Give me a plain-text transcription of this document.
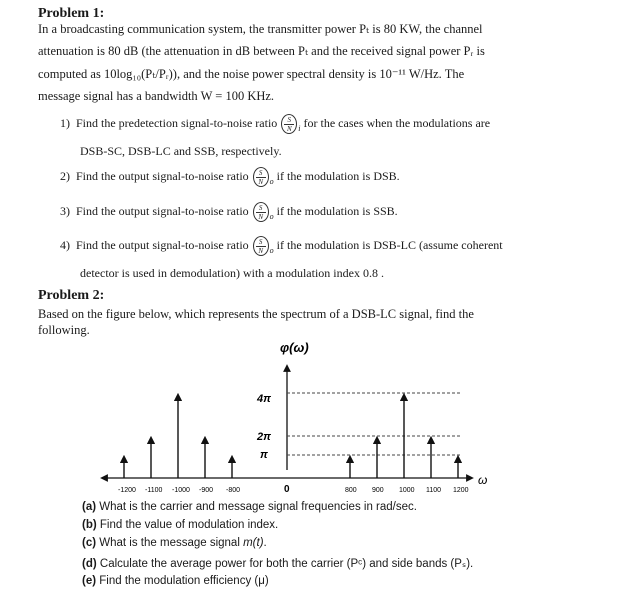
Problem 1:
In a broadcasting communication system, the transmitter power Pₜ is 80 KW, the channel
attenuation is 80 dB (the attenuation in dB between Pₜ and the received signal power Pᵣ is
computed as 10log₁₀(Pₜ/Pᵣ)), and the noise power spectral density is 10⁻¹¹ W/Hz. The
message signal has a bandwidth W = 100 KHz.
1) Find the predetection signal-to-noise ratio $\frac{S}{N}_i$ for the cases when the modulations are
DSB-SC, DSB-LC and SSB, respectively.
2) Find the output signal-to-noise ratio $\frac{S}{N}_o$ if the modulation is DSB.
3) Find the output signal-to-noise ratio $\frac{S}{N}_o$ if the modulation is SSB.
4) Find the output signal-to-noise ratio $\frac{S}{N}_o$ if the modulation is DSB-LC (assume coherent
detector is used in demodulation) with a modulation index 0.8 .
Problem 2:
Based on the figure below, which represents the spectrum of a DSB-LC signal, find the
following.
φ(ω)
ω
4π
2π
π
0
-1200 -1100 -1000 -900 -800	800 900 1000 1100 1200
(a) What is the carrier and message signal frequencies in rad/sec.
(b) Find the value of modulation index.
(c) What is the message signal m(t).
(d) Calculate the average power for both the carrier (Pᶜ) and side bands (Pₛ).
(e) Find the modulation efficiency (μ)
